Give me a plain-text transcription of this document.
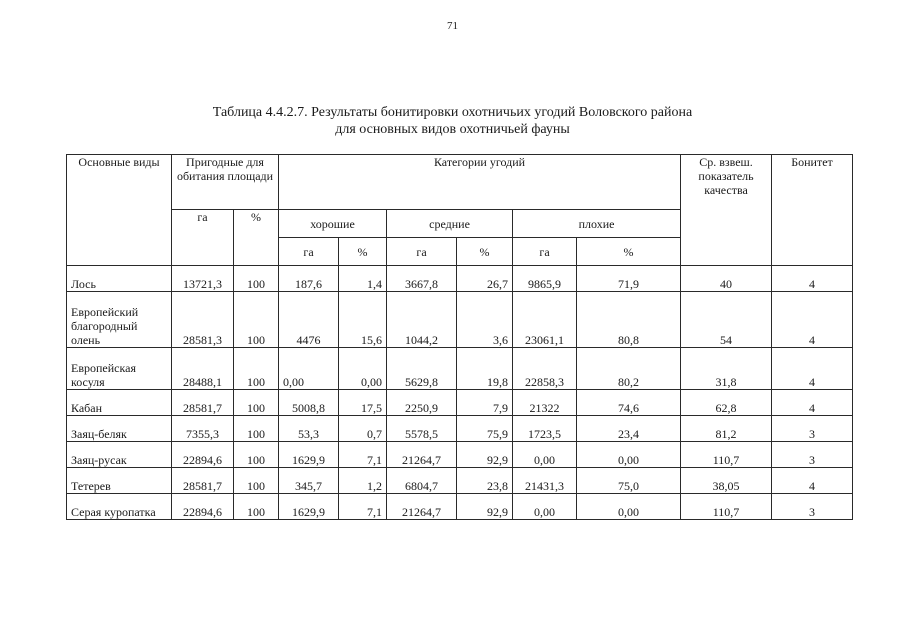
71
Таблица 4.4.2.7. Результаты бонитировки охотничьих угодий Воловского района
для основных видов охотничьей фауны
Основные виды	Пригодные для обитания площади		Категории угодий						Ср. взвеш. показатель качества	Бонитет
	га	%	хорошие		средние		плохие			
			га	%	га	%	га	%		
Лось	13721,3	100	187,6	1,4	3667,8	26,7	9865,9	71,9	40	4
Европейский благородный олень	28581,3	100	4476	15,6	1044,2	3,6	23061,1	80,8	54	4
Европейская косуля	28488,1	100	0,00	0,00	5629,8	19,8	22858,3	80,2	31,8	4
Кабан	28581,7	100	5008,8	17,5	2250,9	7,9	21322	74,6	62,8	4
Заяц-беляк	7355,3	100	53,3	0,7	5578,5	75,9	1723,5	23,4	81,2	3
Заяц-русак	22894,6	100	1629,9	7,1	21264,7	92,9	0,00	0,00	110,7	3
Тетерев	28581,7	100	345,7	1,2	6804,7	23,8	21431,3	75,0	38,05	4
Серая куропатка	22894,6	100	1629,9	7,1	21264,7	92,9	0,00	0,00	110,7	3
